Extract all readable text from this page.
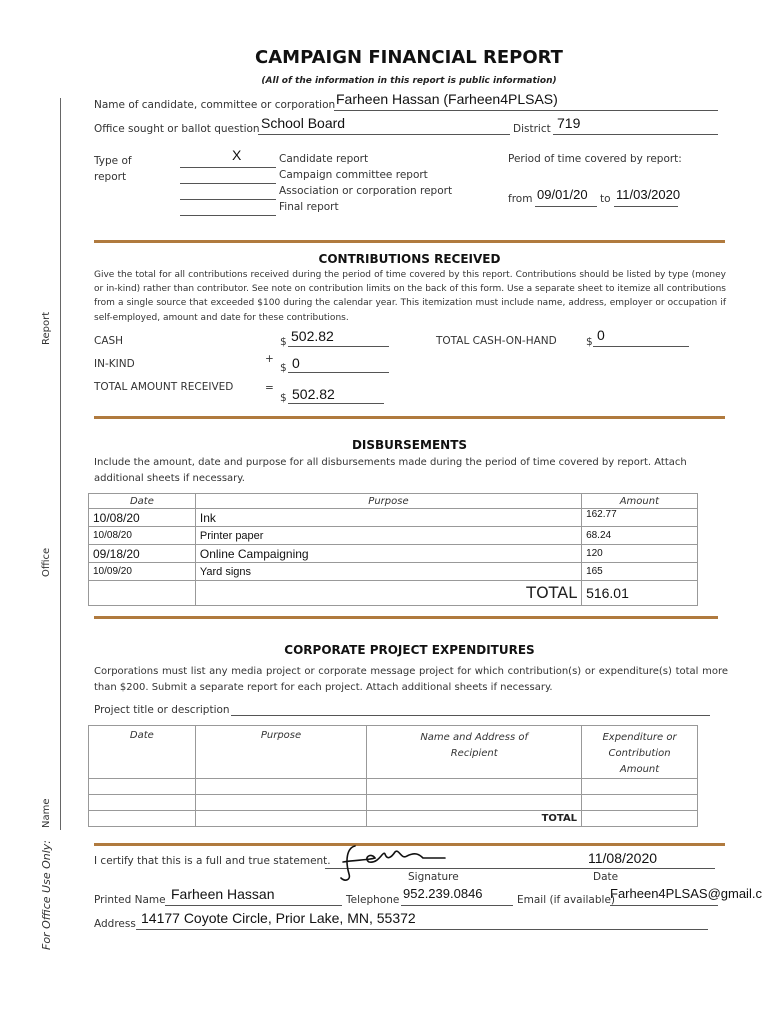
Report
Office
Name
For Office Use Only:
CAMPAIGN FINANCIAL REPORT
(All of the information in this report is public information)
Name of candidate, committee or corporation Farheen Hassan (Farheen4PLSAS)
Office sought or ballot question School Board	District 719
Type of
report
X	Candidate report
Campaign committee report
Association or corporation report
Final report
Period of time covered by report:
from 09/01/20 to 11/03/2020
CONTRIBUTIONS RECEIVED
Give the total for all contributions received during the period of time covered by this report. Contributions should be listed by type (money or in-kind) rather than contributor. See note on contribution limits on the back of this form. Use a separate sheet to itemize all contributions from a single source that exceeded $100 during the calendar year. This itemization must include name, address, employer or occupation if self-employed, amount and date for these contributions.
CASH	$ 502.82	TOTAL CASH-ON-HAND	$ 0
IN-KIND	+
$ 0
TOTAL AMOUNT RECEIVED	=
$ 502.82
DISBURSEMENTS
Include the amount, date and purpose for all disbursements made during the period of time covered by report. Attach additional sheets if necessary.
Date	Purpose	Amount
10/08/20	Ink	162.77
10/08/20	Printer paper	68.24
09/18/20	Online Campaigning	120
10/09/20	Yard signs	165
	TOTAL	516.01
CORPORATE PROJECT EXPENDITURES
Corporations must list any media project or corporate message project for which contribution(s) or expenditure(s) total more than $200. Submit a separate report for each project. Attach additional sheets if necessary.
Project title or description
Date	Purpose	Name and Address of Recipient	Expenditure or Contribution Amount

		TOTAL	
I certify that this is a full and true statement.	11/08/2020
Signature	Date
Printed Name Farheen Hassan	Telephone 952.239.0846	Email (if available)
Farheen4PLSAS@gmail.c
Address 14177 Coyote Circle, Prior Lake, MN, 55372
